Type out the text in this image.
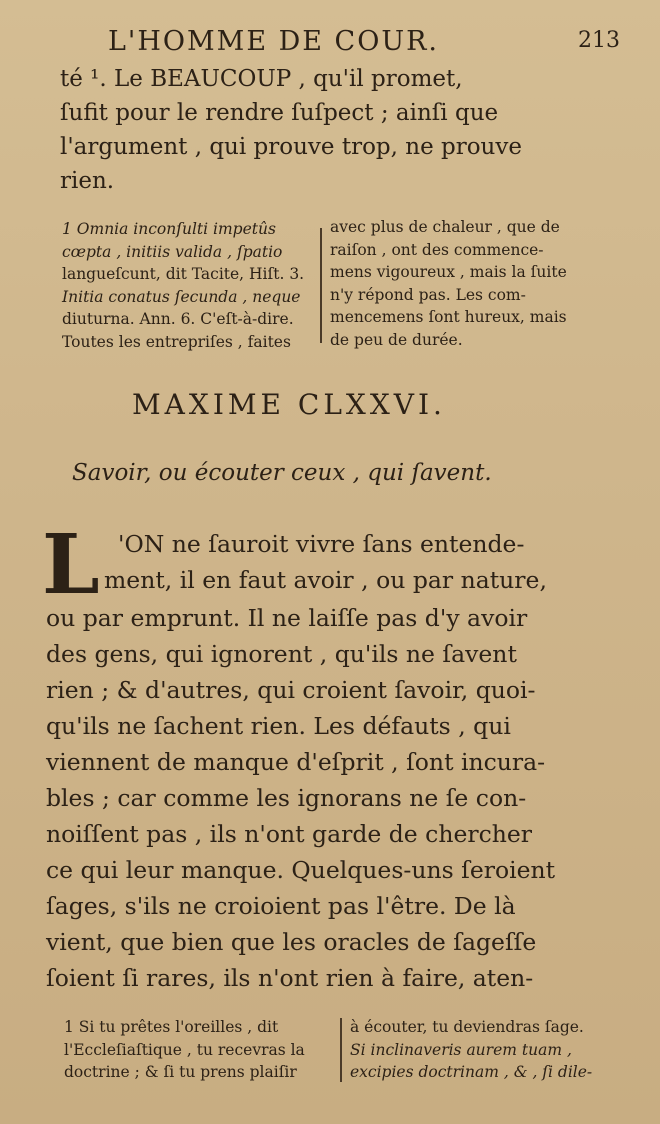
L'HOMME DE COUR.	213
té ¹. Le BEAUCOUP , qu'il promet,
ſufit pour le rendre ſuſpect ; ainſi que
l'argument , qui prouve trop, ne prouve
rien.
1 Omnia inconſulti impetûs
cœpta , initiis valida , ſpatio
langueſcunt, dit Tacite, Hiſt. 3.
Initia conatus ſecunda , neque
diuturna. Ann. 6. C'eſt-à-dire.
Toutes les entrepriſes , faites
avec plus de chaleur , que de
raiſon , ont des commence-
mens vigoureux , mais la ſuite
n'y répond pas. Les com-
mencemens ſont hureux, mais
de peu de durée.
MAXIME CLXXVI.
Savoir, ou écouter ceux , qui ſavent.
L 'ON ne ſauroit vivre ſans entende-
ment, il en faut avoir , ou par nature,
ou par emprunt. Il ne laiſſe pas d'y avoir
des gens, qui ignorent , qu'ils ne ſavent
rien ; & d'autres, qui croient ſavoir, quoi-
qu'ils ne ſachent rien. Les défauts , qui
viennent de manque d'eſprit , ſont incura-
bles ; car comme les ignorans ne ſe con-
noiſſent pas , ils n'ont garde de chercher
ce qui leur manque. Quelques-uns ſeroient
ſages, s'ils ne croioient pas l'être. De là
vient, que bien que les oracles de ſageſſe
ſoient ſi rares, ils n'ont rien à faire, aten-
1 Si tu prêtes l'oreilles , dit
l'Eccleſiaſtique , tu recevras la
doctrine ; & ſi tu prens plaiſir
à écouter, tu deviendras ſage.
Si inclinaveris aurem tuam ,
excipies doctrinam , & , ſi dile-
